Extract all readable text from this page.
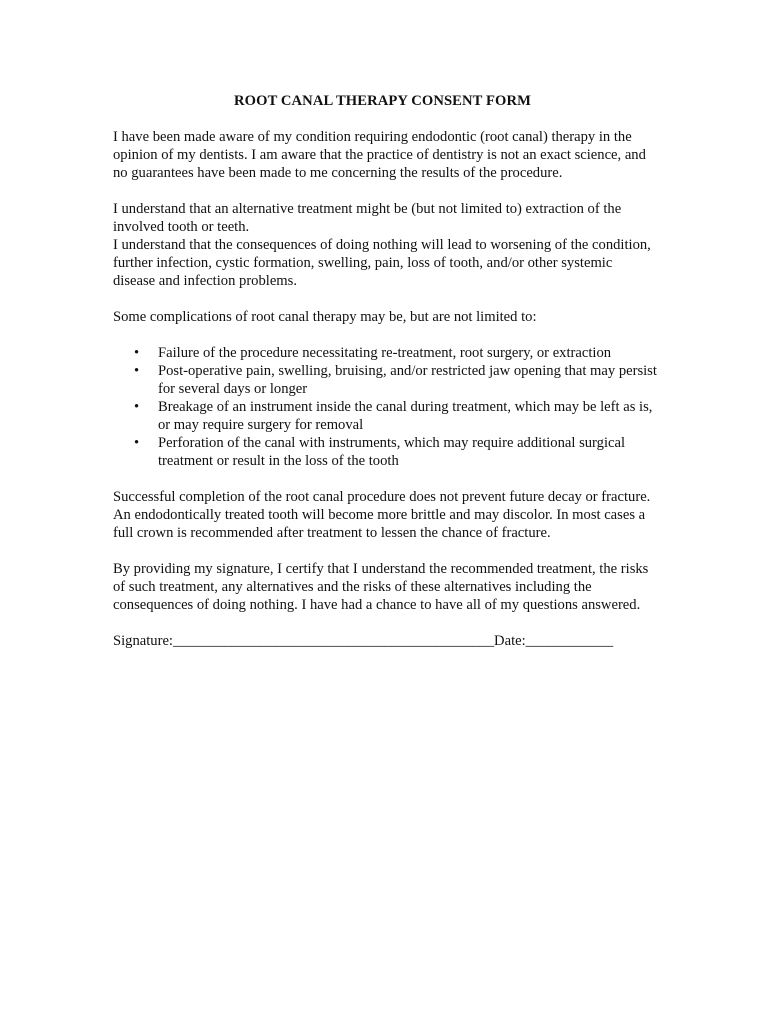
ROOT CANAL THERAPY CONSENT FORM

I have been made aware of my condition requiring endodontic (root canal) therapy in the opinion of my dentists. I am aware that the practice of dentistry is not an exact science, and no guarantees have been made to me concerning the results of the procedure.

I understand that an alternative treatment might be (but not limited to) extraction of the involved tooth or teeth.

I understand that the consequences of doing nothing will lead to worsening of the condition, further infection, cystic formation, swelling, pain, loss of tooth, and/or other systemic disease and infection problems.

Some complications of root canal therapy may be, but are not limited to:

• Failure of the procedure necessitating re-treatment, root surgery, or extraction
• Post-operative pain, swelling, bruising, and/or restricted jaw opening that may persist for several days or longer
• Breakage of an instrument inside the canal during treatment, which may be left as is, or may require surgery for removal
• Perforation of the canal with instruments, which may require additional surgical treatment or result in the loss of the tooth

Successful completion of the root canal procedure does not prevent future decay or fracture. An endodontically treated tooth will become more brittle and may discolor. In most cases a full crown is recommended after treatment to lessen the chance of fracture.

By providing my signature, I certify that I understand the recommended treatment, the risks of such treatment, any alternatives and the risks of these alternatives including the consequences of doing nothing. I have had a chance to have all of my questions answered.

Signature:____________________________________________Date:____________
